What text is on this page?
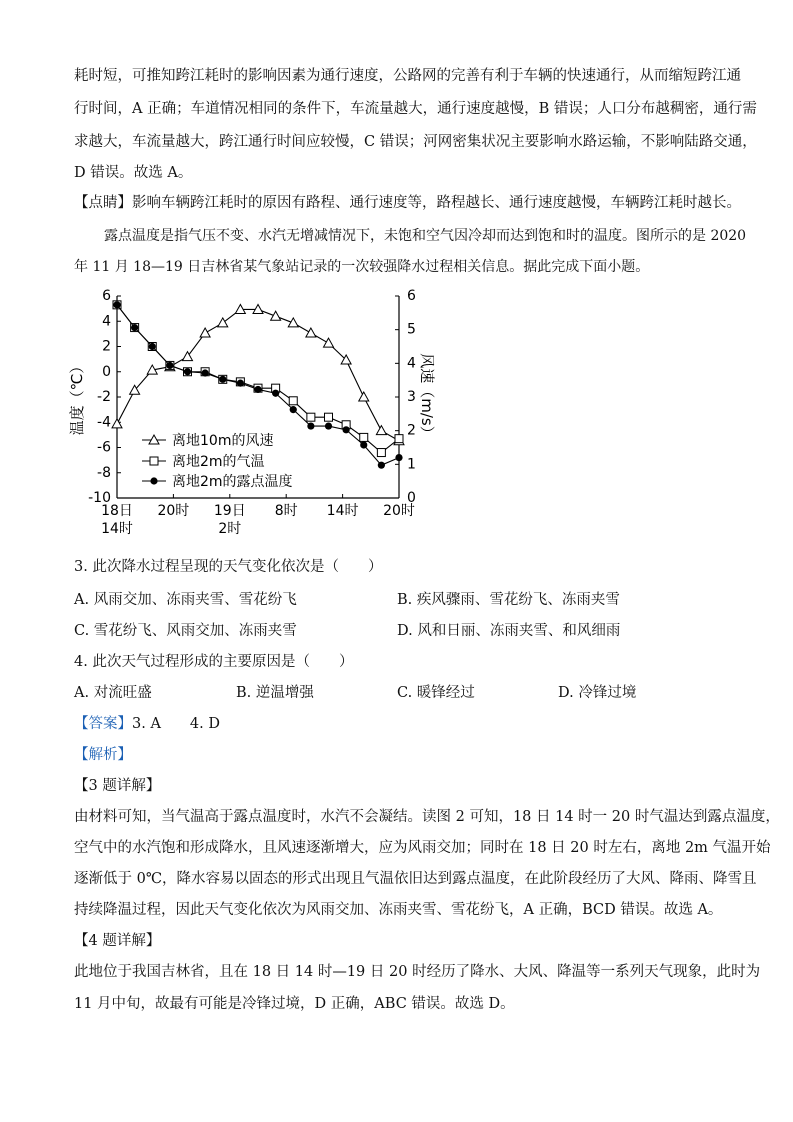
耗时短，可推知跨江耗时的影响因素为通行速度，公路网的完善有利于车辆的快速通行，从而缩短跨江通
行时间，A 正确；车道情况相同的条件下，车流量越大，通行速度越慢，B 错误；人口分布越稠密，通行需
求越大，车流量越大，跨江通行时间应较慢，C 错误；河网密集状况主要影响水路运输，不影响陆路交通，
D 错误。故选 A。
【点睛】影响车辆跨江耗时的原因有路程、通行速度等，路程越长、通行速度越慢，车辆跨江耗时越长。
露点温度是指气压不变、水汽无增减情况下，未饱和空气因冷却而达到饱和时的温度。图所示的是 2020
年 11 月 18—19 日吉林省某气象站记录的一次较强降水过程相关信息。据此完成下面小题。
-10
-8
-6
-4
-2
0
2
4
6
0
1
2
3
4
5
6
18日
14时
20时 19日
2时
8时 14时 20时
温度（℃）	风速（m/s）
离地10m的风速
离地2m的气温
离地2m的露点温度
3. 此次降水过程呈现的天气变化依次是（　　）
A. 风雨交加、冻雨夹雪、雪花纷飞	B. 疾风骤雨、雪花纷飞、冻雨夹雪
C. 雪花纷飞、风雨交加、冻雨夹雪	D. 风和日丽、冻雨夹雪、和风细雨
4. 此次天气过程形成的主要原因是（　　）
A. 对流旺盛	B. 逆温增强	C. 暖锋经过	D. 冷锋过境
【答案】3. A　　4. D
【解析】
【3 题详解】
由材料可知，当气温高于露点温度时，水汽不会凝结。读图 2 可知，18 日 14 时一 20 时气温达到露点温度，
空气中的水汽饱和形成降水，且风速逐渐增大，应为风雨交加；同时在 18 日 20 时左右，离地 2m 气温开始
逐渐低于 0℃，降水容易以固态的形式出现且气温依旧达到露点温度，在此阶段经历了大风、降雨、降雪且
持续降温过程，因此天气变化依次为风雨交加、冻雨夹雪、雪花纷飞，A 正确，BCD 错误。故选 A。
【4 题详解】
此地位于我国吉林省，且在 18 日 14 时—19 日 20 时经历了降水、大风、降温等一系列天气现象，此时为
11 月中旬，故最有可能是冷锋过境，D 正确，ABC 错误。故选 D。
